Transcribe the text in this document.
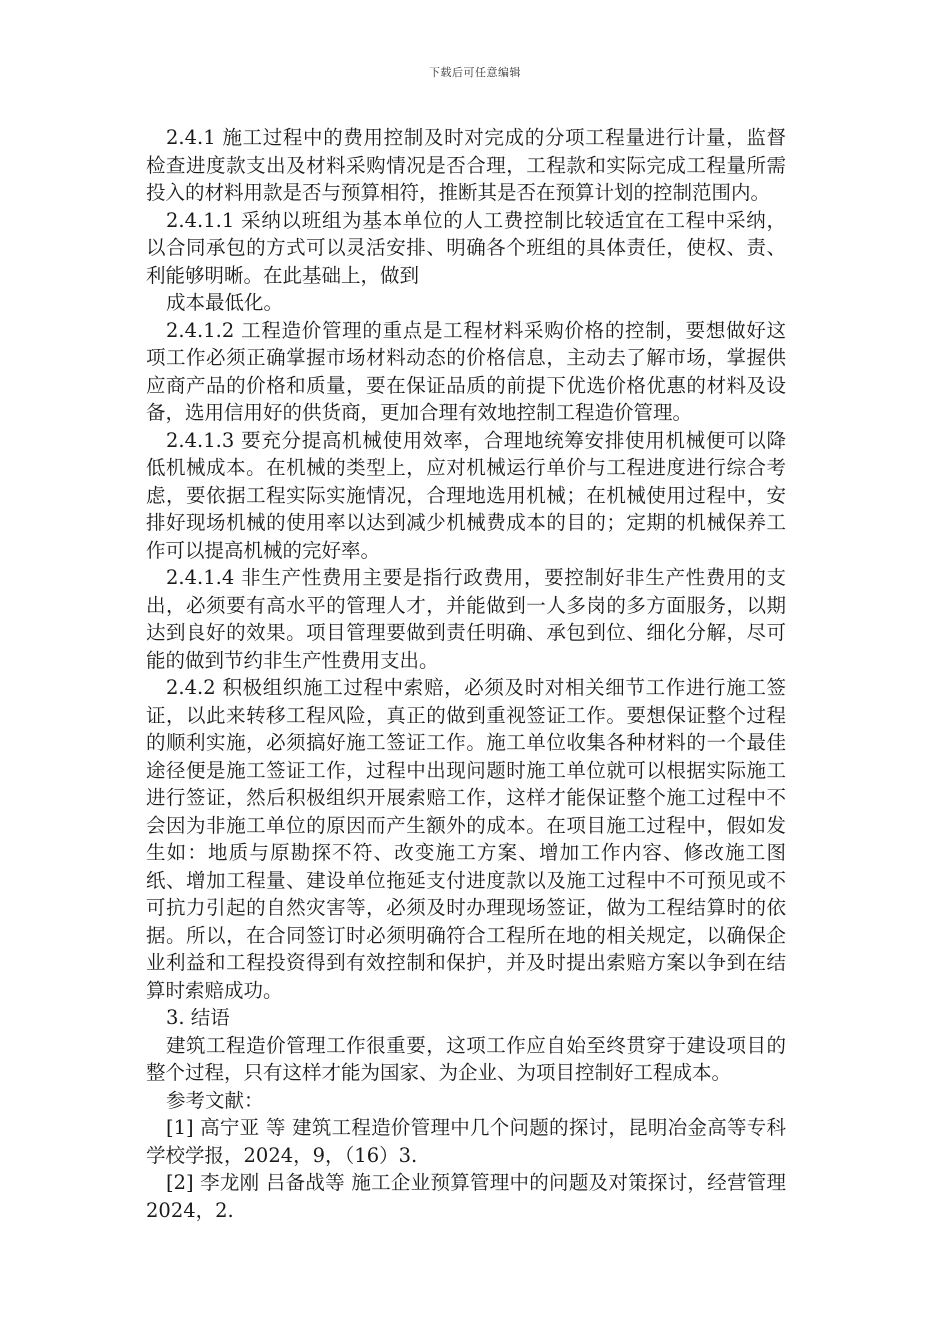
下载后可任意编辑

2.4.1 施工过程中的费用控制及时对完成的分项工程量进行计量，监督检查进度款支出及材料采购情况是否合理，工程款和实际完成工程量所需投入的材料用款是否与预算相符，推断其是否在预算计划的控制范围内。

2.4.1.1 采纳以班组为基本单位的人工费控制比较适宜在工程中采纳，以合同承包的方式可以灵活安排、明确各个班组的具体责任，使权、责、利能够明晰。在此基础上，做到

成本最低化。

2.4.1.2 工程造价管理的重点是工程材料采购价格的控制，要想做好这项工作必须正确掌握市场材料动态的价格信息，主动去了解市场，掌握供应商产品的价格和质量，要在保证品质的前提下优选价格优惠的材料及设备，选用信用好的供货商，更加合理有效地控制工程造价管理。

2.4.1.3 要充分提高机械使用效率，合理地统筹安排使用机械便可以降低机械成本。在机械的类型上，应对机械运行单价与工程进度进行综合考虑，要依据工程实际实施情况，合理地选用机械；在机械使用过程中，安排好现场机械的使用率以达到减少机械费成本的目的；定期的机械保养工作可以提高机械的完好率。

2.4.1.4 非生产性费用主要是指行政费用，要控制好非生产性费用的支出，必须要有高水平的管理人才，并能做到一人多岗的多方面服务，以期达到良好的效果。项目管理要做到责任明确、承包到位、细化分解，尽可能的做到节约非生产性费用支出。

2.4.2 积极组织施工过程中索赔，必须及时对相关细节工作进行施工签证，以此来转移工程风险，真正的做到重视签证工作。要想保证整个过程的顺利实施，必须搞好施工签证工作。施工单位收集各种材料的一个最佳途径便是施工签证工作，过程中出现问题时施工单位就可以根据实际施工进行签证，然后积极组织开展索赔工作，这样才能保证整个施工过程中不会因为非施工单位的原因而产生额外的成本。在项目施工过程中，假如发生如：地质与原勘探不符、改变施工方案、增加工作内容、修改施工图纸、增加工程量、建设单位拖延支付进度款以及施工过程中不可预见或不可抗力引起的自然灾害等，必须及时办理现场签证，做为工程结算时的依据。所以，在合同签订时必须明确符合工程所在地的相关规定，以确保企业利益和工程投资得到有效控制和保护，并及时提出索赔方案以争到在结算时索赔成功。

3. 结语

建筑工程造价管理工作很重要，这项工作应自始至终贯穿于建设项目的整个过程，只有这样才能为国家、为企业、为项目控制好工程成本。

参考文献：

[1] 高宁亚 等 建筑工程造价管理中几个问题的探讨，昆明冶金高等专科学校学报，2024，9，（16）3.

[2] 李龙刚 吕备战等 施工企业预算管理中的问题及对策探讨，经营管理 2024，2.
